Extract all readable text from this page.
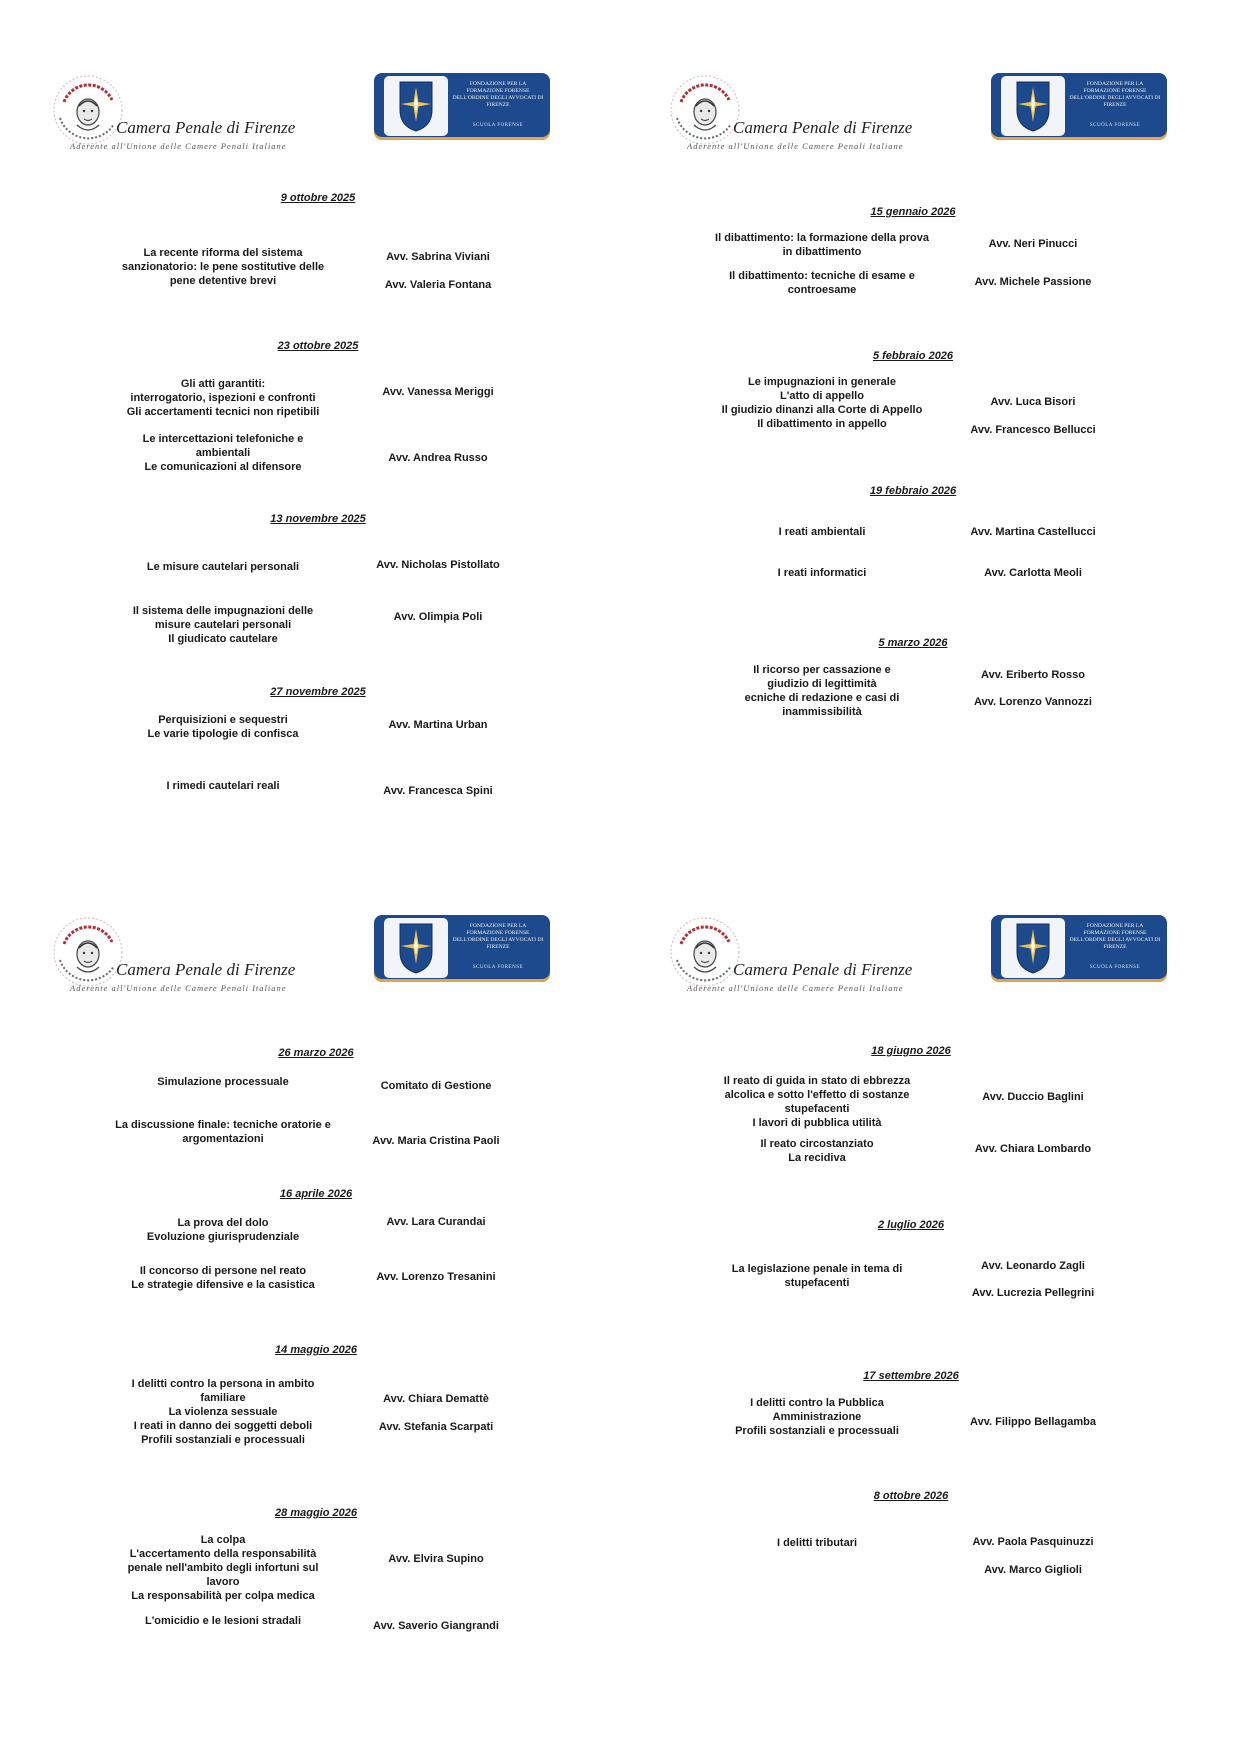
Camera Penale di Firenze
Aderente all'Unione delle Camere Penali Italiane
FONDAZIONE PER LA FORMAZIONE FORENSE DELL'ORDINE DEGLI AVVOCATI DI FIRENZE
SCUOLA FORENSE
9 ottobre 2025
23 ottobre 2025
13 novembre 2025
27 novembre 2025
La recente riforma del sistema
sanzionatorio: le pene sostitutive delle
pene detentive brevi
Gli atti garantiti:
interrogatorio, ispezioni e confronti
Gli accertamenti tecnici non ripetibili
Le intercettazioni telefoniche e
ambientali
Le comunicazioni al difensore
Le misure cautelari personali
Il sistema delle impugnazioni delle
misure cautelari personali
Il giudicato cautelare
Perquisizioni e sequestri
Le varie tipologie di confisca
I rimedi cautelari reali
Avv. Sabrina Viviani
Avv. Valeria Fontana
Avv. Vanessa Meriggi
Avv. Andrea Russo
Avv. Nicholas Pistollato
Avv. Olimpia Poli
Avv. Martina Urban
Avv. Francesca Spini
Camera Penale di Firenze
Aderente all'Unione delle Camere Penali Italiane
FONDAZIONE PER LA FORMAZIONE FORENSE DELL'ORDINE DEGLI AVVOCATI DI FIRENZE
SCUOLA FORENSE
15 gennaio 2026
5 febbraio 2026
19 febbraio 2026
5 marzo 2026
Il dibattimento: la formazione della prova
in dibattimento
Il dibattimento: tecniche di esame e
controesame
Le impugnazioni in generale
L'atto di appello
Il giudizio dinanzi alla Corte di Appello
Il dibattimento in appello
I reati ambientali
I reati informatici
Il ricorso per cassazione e
giudizio di legittimità
ecniche di redazione e casi di
inammissibilità
Avv. Neri Pinucci
Avv. Michele Passione
Avv. Luca Bisori
Avv. Francesco Bellucci
Avv. Martina Castellucci
Avv. Carlotta Meoli
Avv. Eriberto Rosso
Avv. Lorenzo Vannozzi
Camera Penale di Firenze
Aderente all'Unione delle Camere Penali Italiane
FONDAZIONE PER LA FORMAZIONE FORENSE DELL'ORDINE DEGLI AVVOCATI DI FIRENZE
SCUOLA FORENSE
26 marzo 2026
16 aprile 2026
14 maggio 2026
28 maggio 2026
Simulazione processuale
La discussione finale: tecniche oratorie e
argomentazioni
La prova del dolo
Evoluzione giurisprudenziale
Il concorso di persone nel reato
Le strategie difensive e la casistica
I delitti contro la persona in ambito
familiare
La violenza sessuale
I reati in danno dei soggetti deboli
Profili sostanziali e processuali
La colpa
L'accertamento della responsabilità
penale nell'ambito degli infortuni sul
lavoro
La responsabilità per colpa medica
L'omicidio e le lesioni stradali
Comitato di Gestione
Avv. Maria Cristina Paoli
Avv. Lara Curandai
Avv. Lorenzo Tresanini
Avv. Chiara Demattè
Avv. Stefania Scarpati
Avv. Elvira Supino
Avv. Saverio Giangrandi
Camera Penale di Firenze
Aderente all'Unione delle Camere Penali Italiane
FONDAZIONE PER LA FORMAZIONE FORENSE DELL'ORDINE DEGLI AVVOCATI DI FIRENZE
SCUOLA FORENSE
18 giugno 2026
2 luglio 2026
17 settembre 2026
8 ottobre 2026
Il reato di guida in stato di ebbrezza
alcolica e sotto l'effetto di sostanze
stupefacenti
I lavori di pubblica utilità
Il reato circostanziato
La recidiva
La legislazione penale in tema di
stupefacenti
I delitti contro la Pubblica
Amministrazione
Profili sostanziali e processuali
I delitti tributari
Avv. Duccio Baglini
Avv. Chiara Lombardo
Avv. Leonardo Zagli
Avv. Lucrezia Pellegrini
Avv. Filippo Bellagamba
Avv. Paola Pasquinuzzi
Avv. Marco Giglioli
